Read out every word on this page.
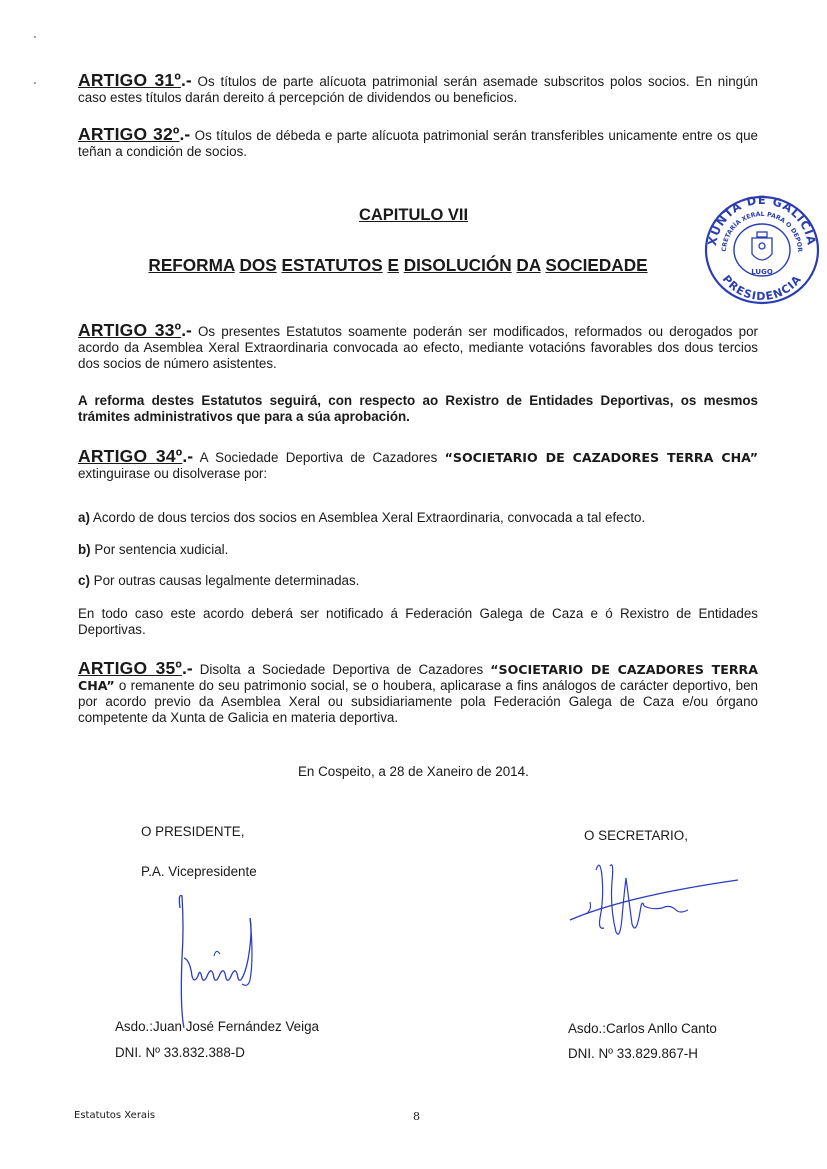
ARTIGO 31º.- Os títulos de parte alícuota patrimonial serán asemade subscritos polos socios. En ningún caso estes títulos darán dereito á percepción de dividendos ou beneficios.
ARTIGO 32º.- Os títulos de débeda e parte alícuota patrimonial serán transferibles unicamente entre os que teñan a condición de socios.
CAPITULO VII
REFORMA DOS ESTATUTOS E DISOLUCIÓN DA SOCIEDADE
XUNTA DE GALICIA
SECRETARÍA XERAL PARA O DEPORTE
PRESIDENCIA
LUGO
ARTIGO 33º.- Os presentes Estatutos soamente poderán ser modificados, reformados ou derogados por acordo da Asemblea Xeral Extraordinaria convocada ao efecto, mediante votacións favorables dos dous tercios dos socios de número asistentes.
A reforma destes Estatutos seguirá, con respecto ao Rexistro de Entidades Deportivas, os mesmos trámites administrativos que para a súa aprobación.
ARTIGO 34º.- A Sociedade Deportiva de Cazadores “SOCIETARIO DE CAZADORES TERRA CHA” extinguirase ou disolverase por:
a) Acordo de dous tercios dos socios en Asemblea Xeral Extraordinaria, convocada a tal efecto.
b) Por sentencia xudicial.
c) Por outras causas legalmente determinadas.
En todo caso este acordo deberá ser notificado á Federación Galega de Caza e ó Rexistro de Entidades Deportivas.
ARTIGO 35º.- Disolta a Sociedade Deportiva de Cazadores “SOCIETARIO DE CAZADORES TERRA CHA” o remanente do seu patrimonio social, se o houbera, aplicarase a fins análogos de carácter deportivo, ben por acordo previo da Asemblea Xeral ou subsidiariamente pola Federación Galega de Caza e/ou órgano competente da Xunta de Galicia en materia deportiva.
En Cospeito, a 28 de Xaneiro de 2014.
O PRESIDENTE,
P.A. Vicepresidente
Asdo.:Juan José Fernández Veiga
DNI. Nº 33.832.388-D
O SECRETARIO,
Asdo.:Carlos Anllo Canto
DNI. Nº 33.829.867-H
Estatutos Xerais	8
